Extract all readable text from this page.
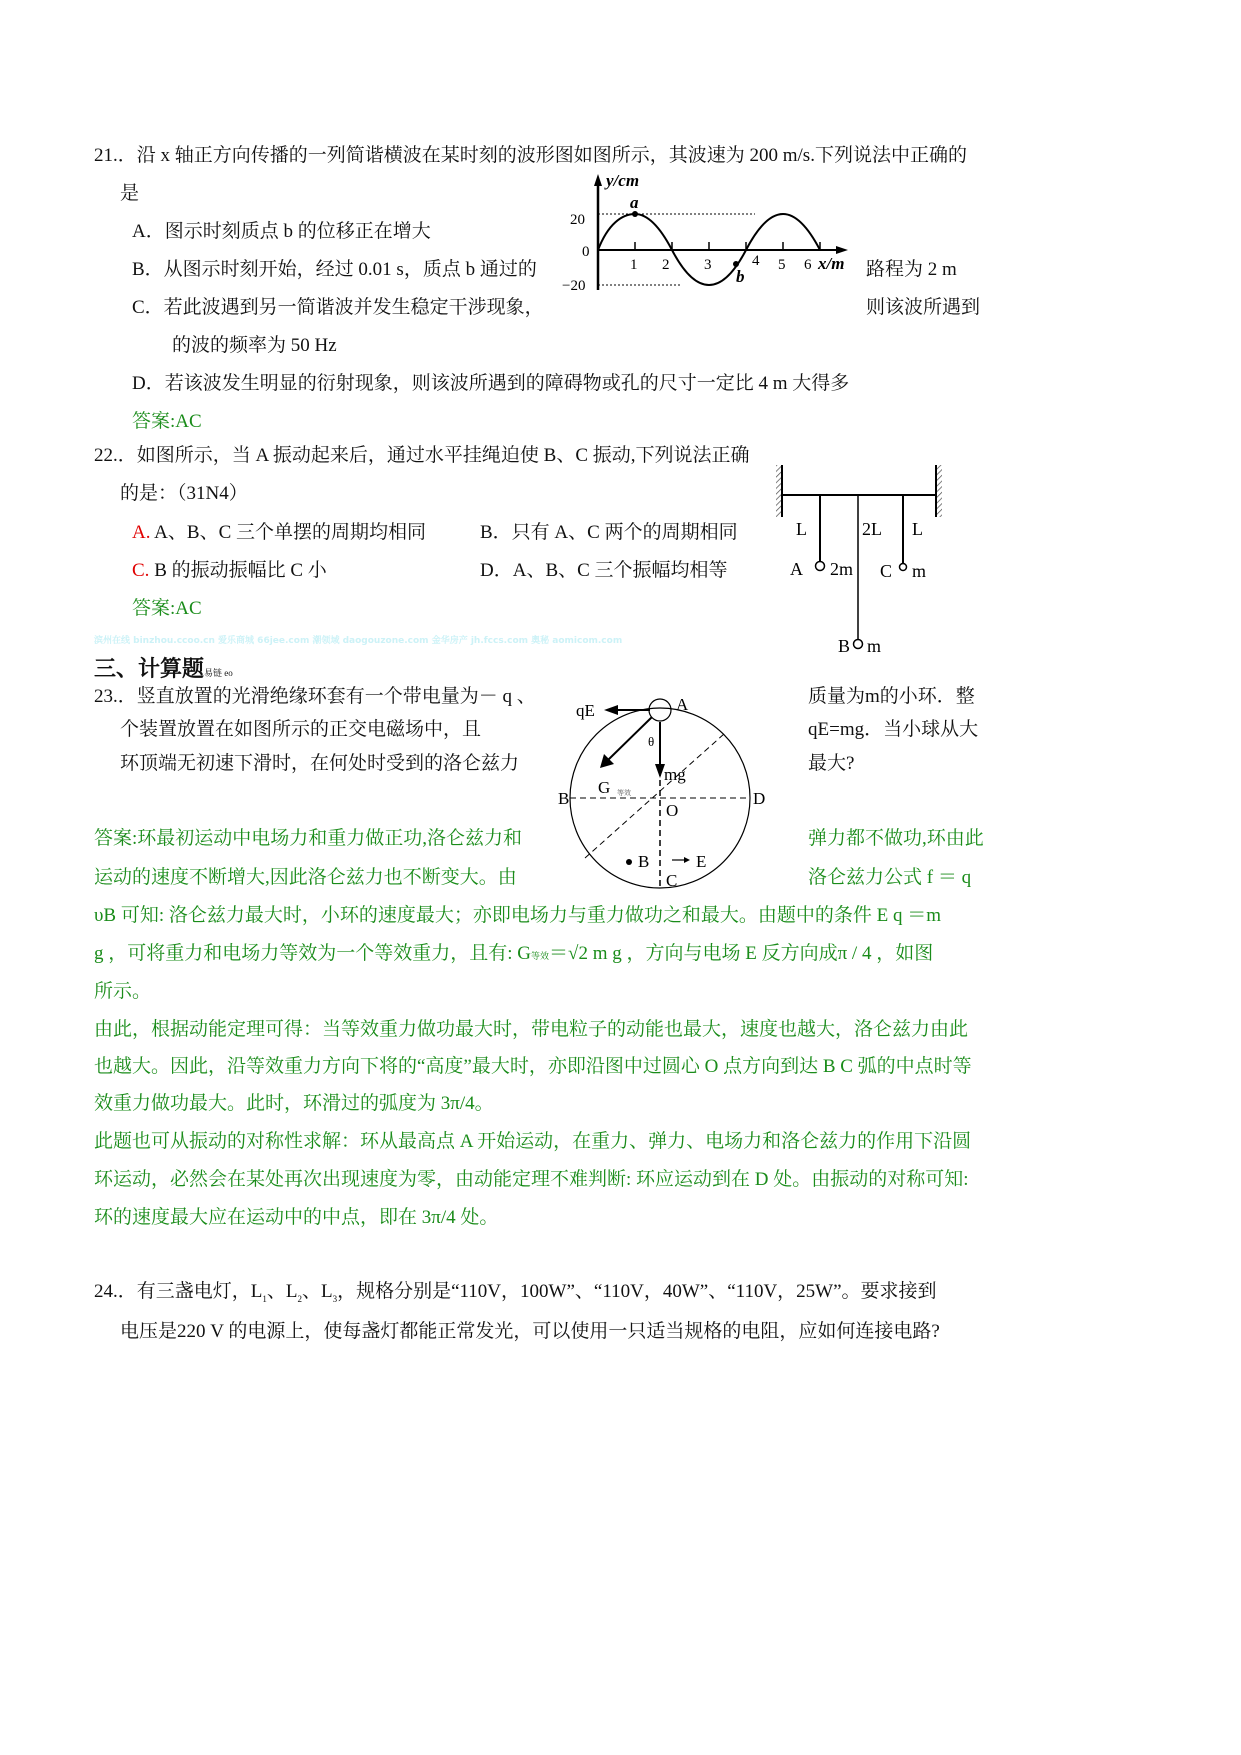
21.．沿 x 轴正方向传播的一列简谐横波在某时刻的波形图如图所示，其波速为 200 m/s.下列说法中正确的
是
A．图示时刻质点 b 的位移正在增大
B．从图示时刻开始，经过 0.01 s，质点 b 通过的	路程为 2 m
C．若此波遇到另一简谐波并发生稳定干涉现象，	则该波所遇到
的波的频率为 50 Hz
D．若该波发生明显的衍射现象，则该波所遇到的障碍物或孔的尺寸一定比 4 m 大得多
答案:AC
y/cm
x/m
20
0
−20
1 2 3	4 5 6
a
b
22.．如图所示，当 A 振动起来后，通过水平挂绳迫使 B、C 振动,下列说法正确
的是：（31N4）
A. A、B、C 三个单摆的周期均相同	B．只有 A、C 两个的周期相同
C. B 的振动振幅比 C 小	D．A、B、C 三个振幅均相等
答案:AC
L	2L L
A 2m C m
B m
滨州在线 binzhou.ccoo.cn 爱乐商城 66jee.com 潮领域 daogouzone.com 金华房产 jh.fccs.com 奥秘 aomicom.com
三、计算题易链 eo
23.．竖直放置的光滑绝缘环套有一个带电量为－ q 、	质量为m的小环．整
个装置放置在如图所示的正交电磁场中，且	qE=mg．当小球从大
环顶端无初速下滑时，在何处时受到的洛仑兹力	最大?
qE	A
θ
mg
G 等效
B	D
O
B	E
C
答案:环最初运动中电场力和重力做正功,洛仑兹力和	弹力都不做功,环由此
运动的速度不断增大,因此洛仑兹力也不断变大。由	洛仑兹力公式 f ＝ q
υB 可知: 洛仑兹力最大时，小环的速度最大；亦即电场力与重力做功之和最大。由题中的条件 E q ＝m
g ，可将重力和电场力等效为一个等效重力，且有: G等效＝√2 m g ，方向与电场 E 反方向成π / 4 ，如图
所示。
由此，根据动能定理可得：当等效重力做功最大时，带电粒子的动能也最大，速度也越大，洛仑兹力由此
也越大。因此，沿等效重力方向下将的“高度”最大时，亦即沿图中过圆心 O 点方向到达 B C 弧的中点时等
效重力做功最大。此时，环滑过的弧度为 3π/4。
此题也可从振动的对称性求解：环从最高点 A 开始运动，在重力、弹力、电场力和洛仑兹力的作用下沿圆
环运动，必然会在某处再次出现速度为零，由动能定理不难判断: 环应运动到在 D 处。由振动的对称可知:
环的速度最大应在运动中的中点，即在 3π/4 处。
24.．有三盏电灯，$L_1$、$L_2$、$L_3$，规格分别是“110V，100W”、“110V，40W”、“110V，25W”。要求接到
电压是220 V 的电源上，使每盏灯都能正常发光，可以使用一只适当规格的电阻，应如何连接电路?
